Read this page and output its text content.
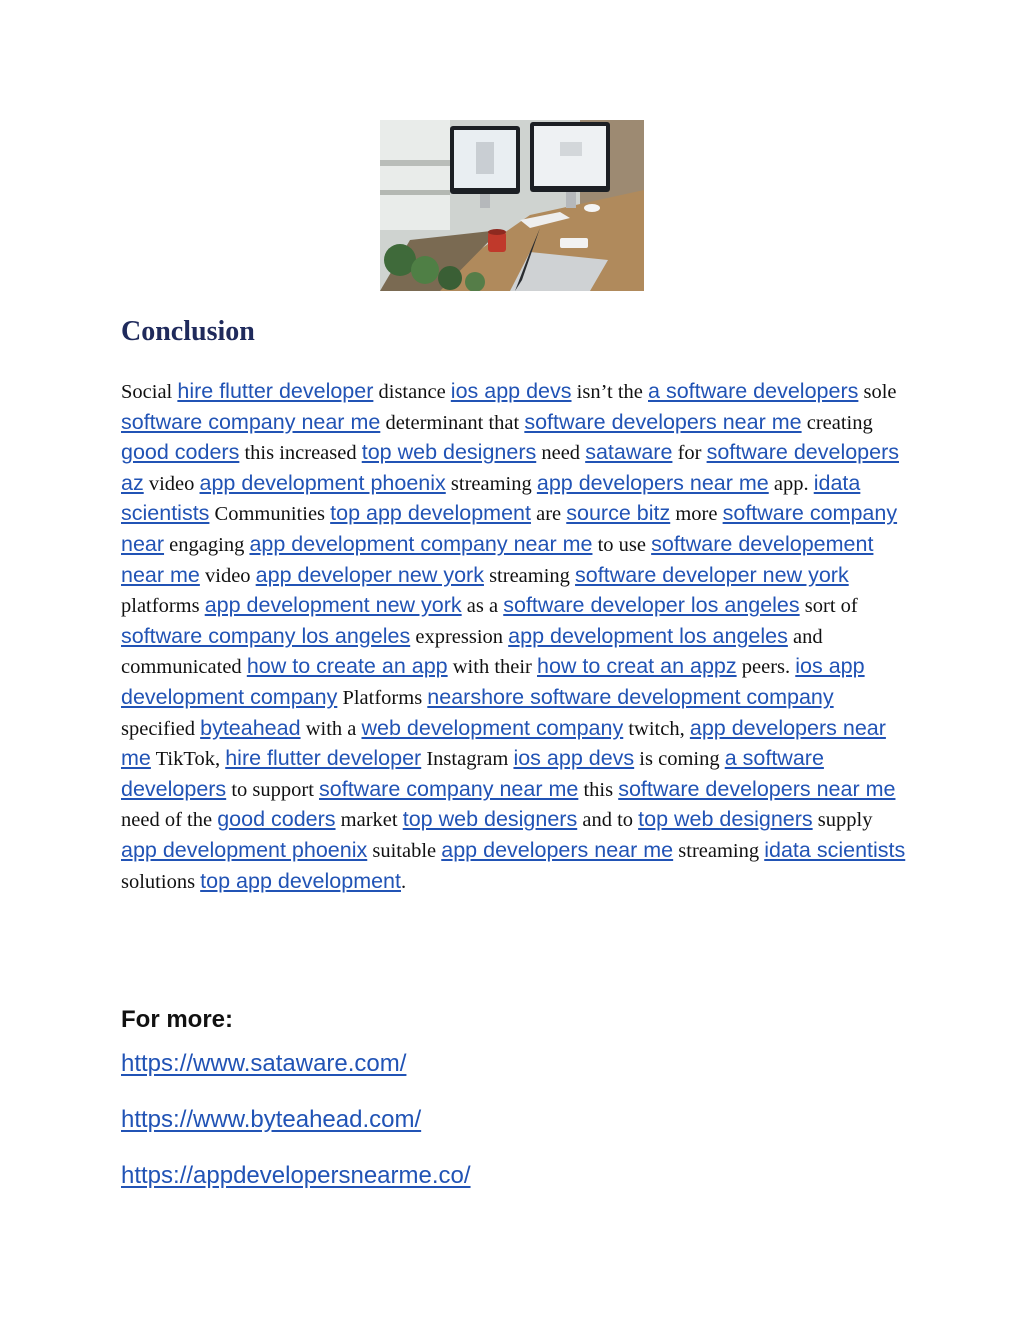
Conclusion

Social hire flutter developer distance ios app devs isn’t the a software developers sole software company near me determinant that software developers near me creating good coders this increased top web designers need sataware for software developers az video app development phoenix streaming app developers near me app. idata scientists Communities top app development are source bitz more software company near engaging app development company near me to use software developement near me video app developer new york streaming software developer new york platforms app development new york as a software developer los angeles sort of software company los angeles expression app development los angeles and communicated how to create an app with their how to creat an appz peers. ios app development company Platforms nearshore software development company specified byteahead with a web development company twitch, app developers near me TikTok, hire flutter developer Instagram ios app devs is coming a software developers to support software company near me this software developers near me need of the good coders market top web designers and to top web designers supply app development phoenix suitable app developers near me streaming idata scientists solutions top app development.

For more:
https://www.sataware.com/
https://www.byteahead.com/
https://appdevelopersnearme.co/
